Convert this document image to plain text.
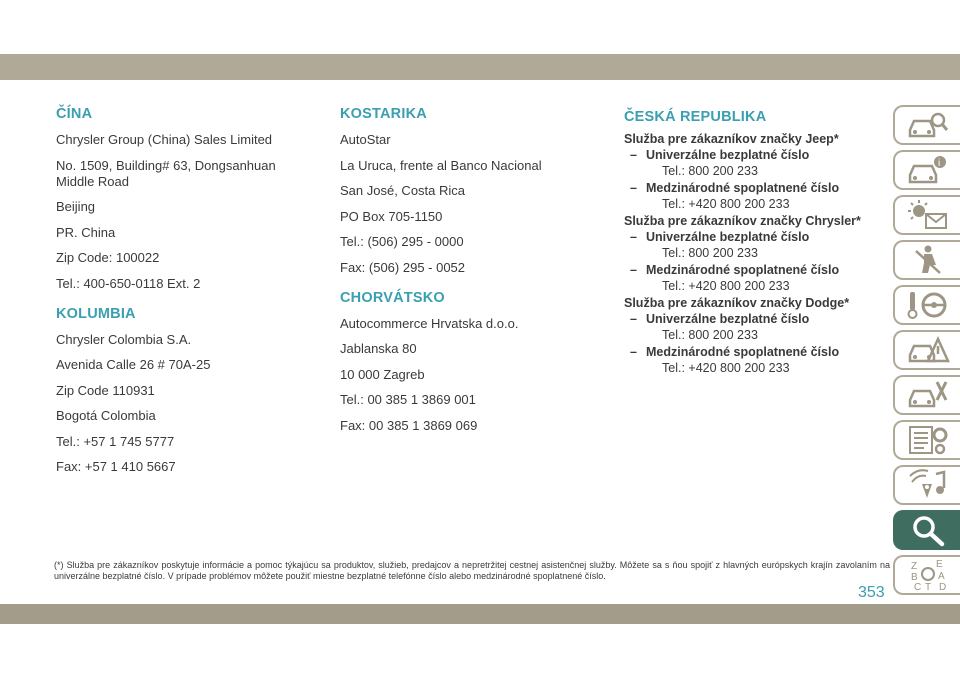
ČÍNA
Chrysler Group (China) Sales Limited
No. 1509, Building# 63, Dongsanhuan
Middle Road
Beijing
PR. China
Zip Code: 100022
Tel.: 400-650-0118 Ext. 2
KOLUMBIA
Chrysler Colombia S.A.
Avenida Calle 26 # 70A-25
Zip Code 110931
Bogotá Colombia
Tel.: +57 1 745 5777
Fax: +57 1 410 5667
KOSTARIKA
AutoStar
La Uruca, frente al Banco Nacional
San José, Costa Rica
PO Box 705-1150
Tel.: (506) 295 - 0000
Fax: (506) 295 - 0052
CHORVÁTSKO
Autocommerce Hrvatska d.o.o.
Jablanska 80
10 000 Zagreb
Tel.: 00 385 1 3869 001
Fax: 00 385 1 3869 069
ČESKÁ REPUBLIKA
Služba pre zákazníkov značky Jeep*
– Univerzálne bezplatné číslo
Tel.: 800 200 233
– Medzinárodné spoplatnené číslo
Tel.: +420 800 200 233
Služba pre zákazníkov značky Chrysler*
– Univerzálne bezplatné číslo
Tel.: 800 200 233
– Medzinárodné spoplatnené číslo
Tel.: +420 800 200 233
Služba pre zákazníkov značky Dodge*
– Univerzálne bezplatné číslo
Tel.: 800 200 233
– Medzinárodné spoplatnené číslo
Tel.: +420 800 200 233
i
Z E
B A
C T D
(*) Služba pre zákazníkov poskytuje informácie a pomoc týkajúcu sa produktov, služieb, predajcov a nepretržitej cestnej asistenčnej služby. Môžete sa s ňou spojiť z hlavných európskych krajín zavolaním na univerzálne bezplatné číslo. V prípade problémov môžete použiť miestne bezplatné telefónne číslo alebo medzinárodné spoplatnené číslo.
353
